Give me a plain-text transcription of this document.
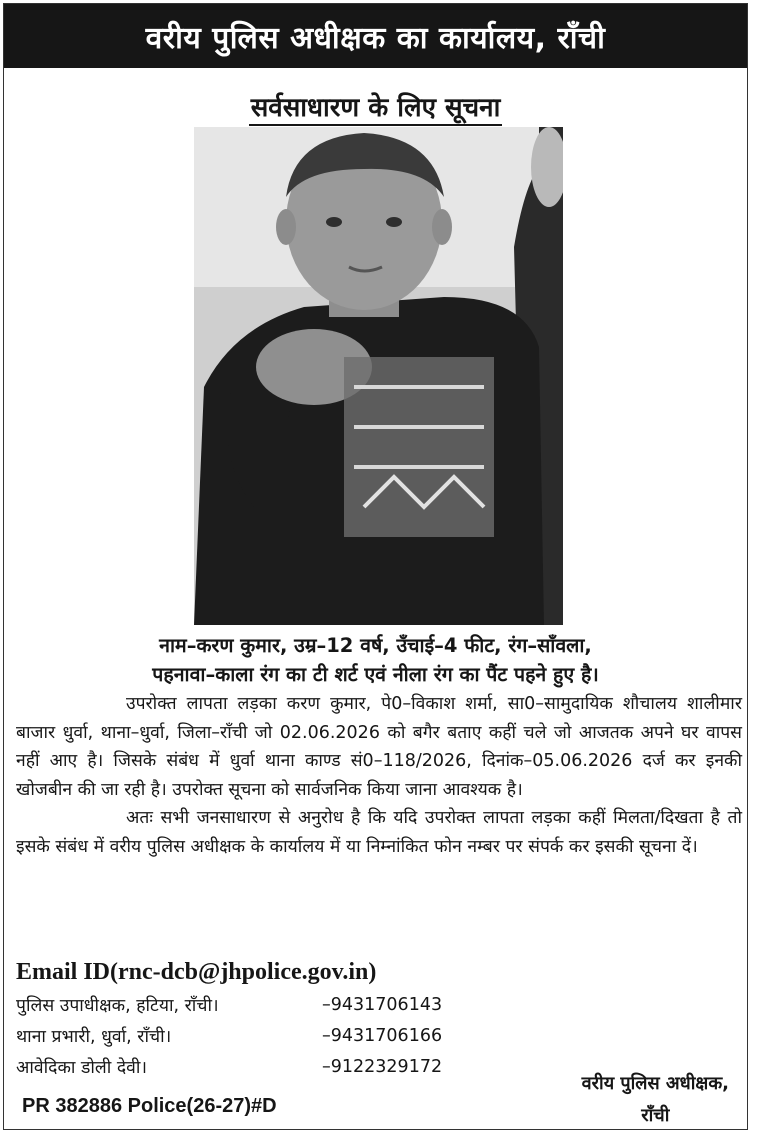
वरीय पुलिस अधीक्षक का कार्यालय, राँची
सर्वसाधारण के लिए सूचना
नाम–करण कुमार, उम्र–12 वर्ष, उँचाई–4 फीट, रंग–साँवला,
पहनावा–काला रंग का टी शर्ट एवं नीला रंग का पैंट पहने हुए है।

उपरोक्त लापता लड़का करण कुमार, पे0–विकाश शर्मा, सा0–सामुदायिक शौचालय शालीमार बाजार धुर्वा, थाना–धुर्वा, जिला–राँची जो 02.06.2026 को बगैर बताए कहीं चले जो आजतक अपने घर वापस नहीं आए है। जिसके संबंध में धुर्वा थाना काण्ड सं0–118/2026, दिनांक–05.06.2026 दर्ज कर इनकी खोजबीन की जा रही है। उपरोक्त सूचना को सार्वजनिक किया जाना आवश्यक है।

अतः सभी जनसाधारण से अनुरोध है कि यदि उपरोक्त लापता लड़का कहीं मिलता/दिखता है तो इसके संबंध में वरीय पुलिस अधीक्षक के कार्यालय में या निम्नांकित फोन नम्बर पर संपर्क कर इसकी सूचना दें।

Email ID(rnc-dcb@jhpolice.gov.in)
पुलिस उपाधीक्षक, हटिया, राँची।	–9431706143
थाना प्रभारी, धुर्वा, राँची।	–9431706166
आवेदिका डोली देवी।	–9122329172
वरीय पुलिस अधीक्षक,
राँची
PR 382886 Police(26-27)#D
